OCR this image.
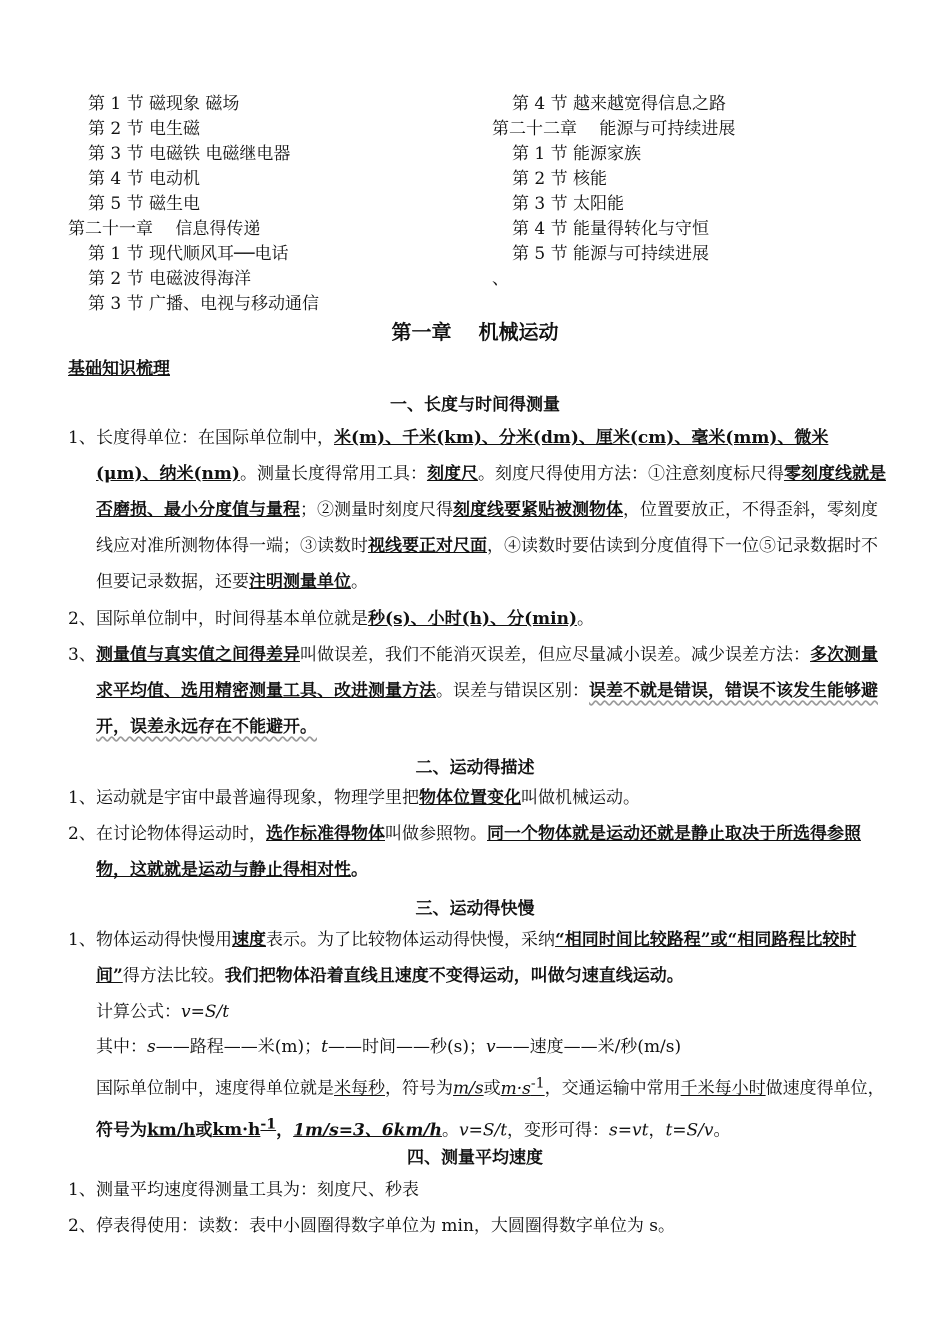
第 1 节 磁现象 磁场
第 2 节 电生磁
第 3 节 电磁铁 电磁继电器
第 4 节 电动机
第 5 节 磁生电
第二十一章　 信息得传递
第 1 节 现代顺风耳──电话
第 2 节 电磁波得海洋
第 3 节 广播、电视与移动通信
第 4 节 越来越宽得信息之路
第二十二章　 能源与可持续进展
第 1 节 能源家族
第 2 节 核能
第 3 节 太阳能
第 4 节 能量得转化与守恒
第 5 节 能源与可持续进展
、
第一章　 机械运动
基础知识梳理
一、长度与时间得测量
1、 长度得单位：在国际单位制中，米(m)、千米(km)、分米(dm)、厘米(cm)、毫米(mm)、微米(μm)、纳米(nm)。测量长度得常用工具：刻度尺。刻度尺得使用方法：①注意刻度标尺得零刻度线就是否磨损、最小分度值与量程；②测量时刻度尺得刻度线要紧贴被测物体，位置要放正，不得歪斜，零刻度线应对准所测物体得一端；③读数时视线要正对尺面，④读数时要估读到分度值得下一位⑤记录数据时不但要记录数据，还要注明测量单位。
2、 国际单位制中，时间得基本单位就是秒(s)、小时(h)、分(min)。
3、 测量值与真实值之间得差异叫做误差，我们不能消灭误差，但应尽量减小误差。减少误差方法：多次测量求平均值、选用精密测量工具、改进测量方法。误差与错误区别：误差不就是错误，错误不该发生能够避开，误差永远存在不能避开。
二、运动得描述
1、 运动就是宇宙中最普遍得现象，物理学里把物体位置变化叫做机械运动。
2、 在讨论物体得运动时，选作标准得物体叫做参照物。同一个物体就是运动还就是静止取决于所选得参照物，这就就是运动与静止得相对性。
三、运动得快慢
1、 物体运动得快慢用速度表示。为了比较物体运动得快慢，采纳“相同时间比较路程”或“相同路程比较时间”得方法比较。我们把物体沿着直线且速度不变得运动，叫做匀速直线运动。
计算公式：v=S/t
其中：s——路程——米(m)；t——时间——秒(s)；v——速度——米/秒(m/s)
国际单位制中，速度得单位就是米每秒，符号为m/s或$m\cdot s^{-1}$，交通运输中常用千米每小时做速度得单位，符号为km/h或$km\cdot h^{-1}$，1m/s=3、6km/h。v=S/t，变形可得：s=vt，t=S/v。
四、测量平均速度
1、 测量平均速度得测量工具为：刻度尺、秒表
2、 停表得使用：读数：表中小圆圈得数字单位为 min，大圆圈得数字单位为 s。
